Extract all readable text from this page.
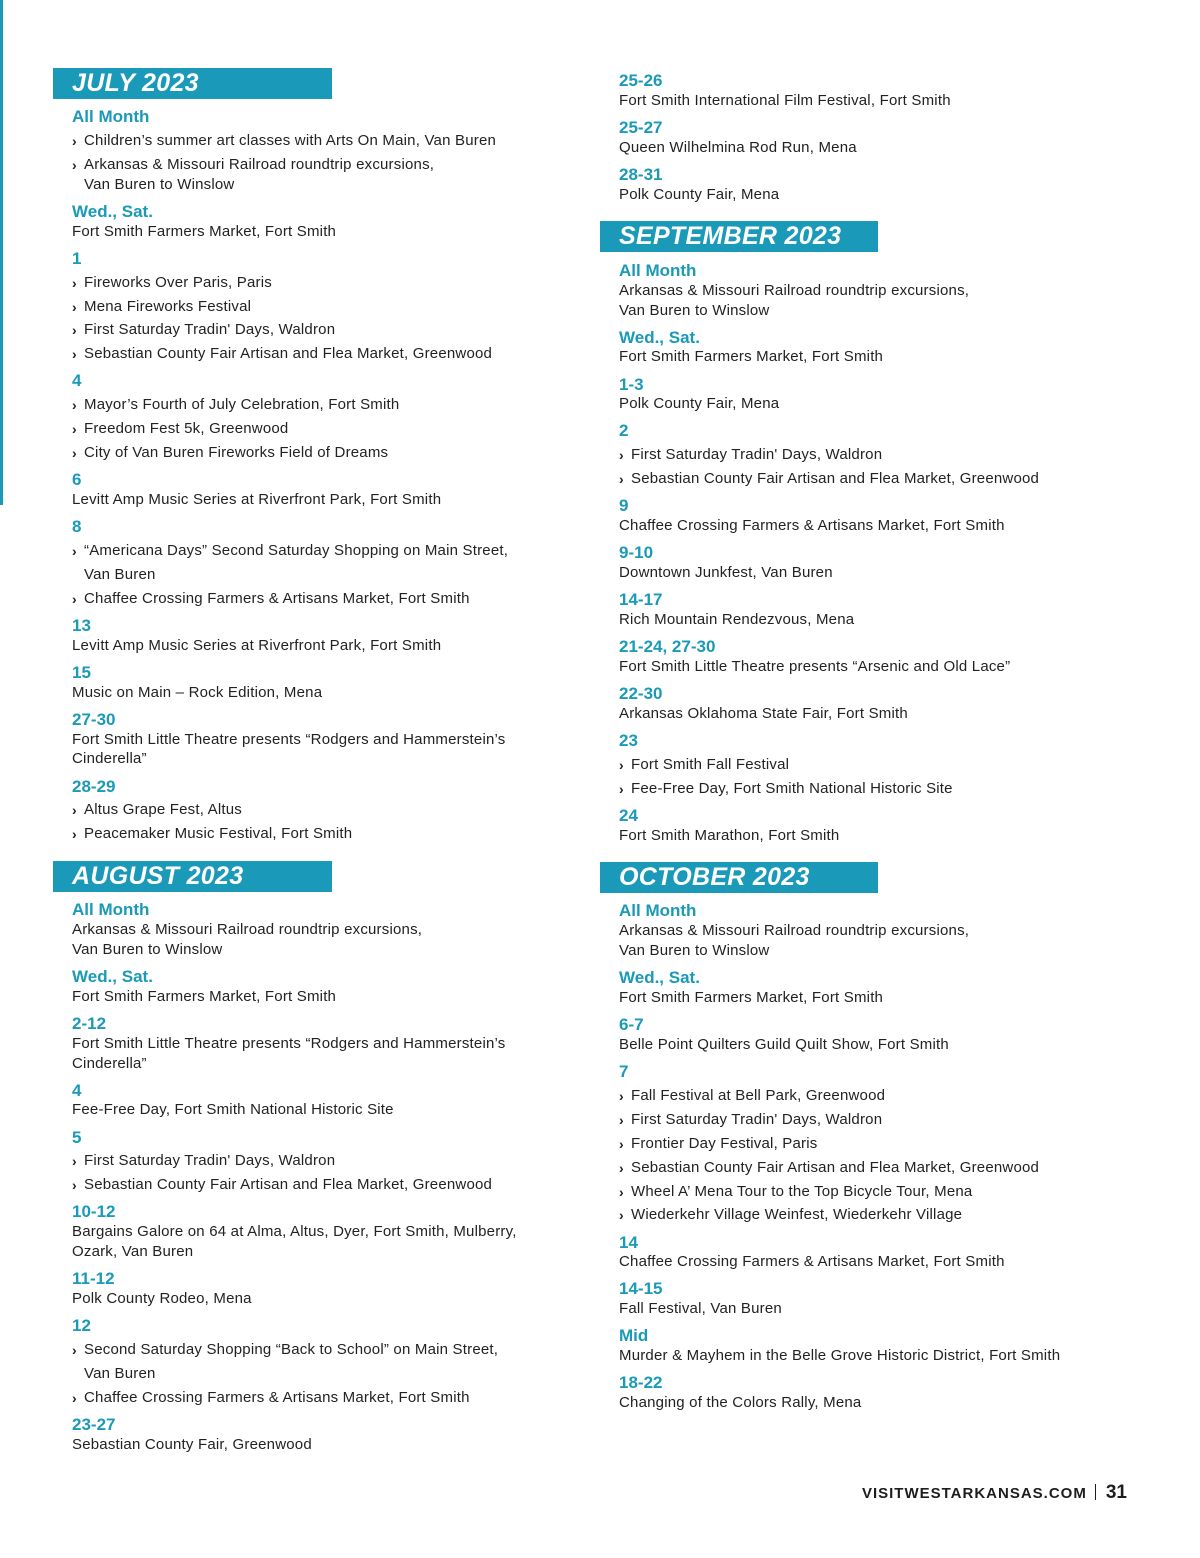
JULY 2023
All Month
› Children’s summer art classes with Arts On Main, Van Buren
› Arkansas & Missouri Railroad roundtrip excursions,
Van Buren to Winslow
Wed., Sat.
Fort Smith Farmers Market, Fort Smith
1
› Fireworks Over Paris, Paris
› Mena Fireworks Festival
› First Saturday Tradin' Days, Waldron
› Sebastian County Fair Artisan and Flea Market, Greenwood
4
› Mayor’s Fourth of July Celebration, Fort Smith
› Freedom Fest 5k, Greenwood
› City of Van Buren Fireworks Field of Dreams
6
Levitt Amp Music Series at Riverfront Park, Fort Smith
8
› “Americana Days” Second Saturday Shopping on Main Street,
Van Buren
› Chaffee Crossing Farmers & Artisans Market, Fort Smith
13
Levitt Amp Music Series at Riverfront Park, Fort Smith
15
Music on Main – Rock Edition, Mena
27-30
Fort Smith Little Theatre presents “Rodgers and Hammerstein’s
Cinderella”
28-29
› Altus Grape Fest, Altus
› Peacemaker Music Festival, Fort Smith
AUGUST 2023
All Month
Arkansas & Missouri Railroad roundtrip excursions,
Van Buren to Winslow
Wed., Sat.
Fort Smith Farmers Market, Fort Smith
2-12
Fort Smith Little Theatre presents “Rodgers and Hammerstein’s
Cinderella”
4
Fee-Free Day, Fort Smith National Historic Site
5
› First Saturday Tradin' Days, Waldron
› Sebastian County Fair Artisan and Flea Market, Greenwood
10-12
Bargains Galore on 64 at Alma, Altus, Dyer, Fort Smith, Mulberry,
Ozark, Van Buren
11-12
Polk County Rodeo, Mena
12
› Second Saturday Shopping “Back to School” on Main Street,
Van Buren
› Chaffee Crossing Farmers & Artisans Market, Fort Smith
23-27
Sebastian County Fair, Greenwood
25-26
Fort Smith International Film Festival, Fort Smith
25-27
Queen Wilhelmina Rod Run, Mena
28-31
Polk County Fair, Mena
SEPTEMBER 2023
All Month
Arkansas & Missouri Railroad roundtrip excursions,
Van Buren to Winslow
Wed., Sat.
Fort Smith Farmers Market, Fort Smith
1-3
Polk County Fair, Mena
2
› First Saturday Tradin' Days, Waldron
› Sebastian County Fair Artisan and Flea Market, Greenwood
9
Chaffee Crossing Farmers & Artisans Market, Fort Smith
9-10
Downtown Junkfest, Van Buren
14-17
Rich Mountain Rendezvous, Mena
21-24, 27-30
Fort Smith Little Theatre presents “Arsenic and Old Lace”
22-30
Arkansas Oklahoma State Fair, Fort Smith
23
› Fort Smith Fall Festival
› Fee-Free Day, Fort Smith National Historic Site
24
Fort Smith Marathon, Fort Smith
OCTOBER 2023
All Month
Arkansas & Missouri Railroad roundtrip excursions,
Van Buren to Winslow
Wed., Sat.
Fort Smith Farmers Market, Fort Smith
6-7
Belle Point Quilters Guild Quilt Show, Fort Smith
7
› Fall Festival at Bell Park, Greenwood
› First Saturday Tradin' Days, Waldron
› Frontier Day Festival, Paris
› Sebastian County Fair Artisan and Flea Market, Greenwood
› Wheel A’ Mena Tour to the Top Bicycle Tour, Mena
› Wiederkehr Village Weinfest, Wiederkehr Village
14
Chaffee Crossing Farmers & Artisans Market, Fort Smith
14-15
Fall Festival, Van Buren
Mid
Murder & Mayhem in the Belle Grove Historic District, Fort Smith
18-22
Changing of the Colors Rally, Mena
VISITWESTARKANSAS.COM 31
